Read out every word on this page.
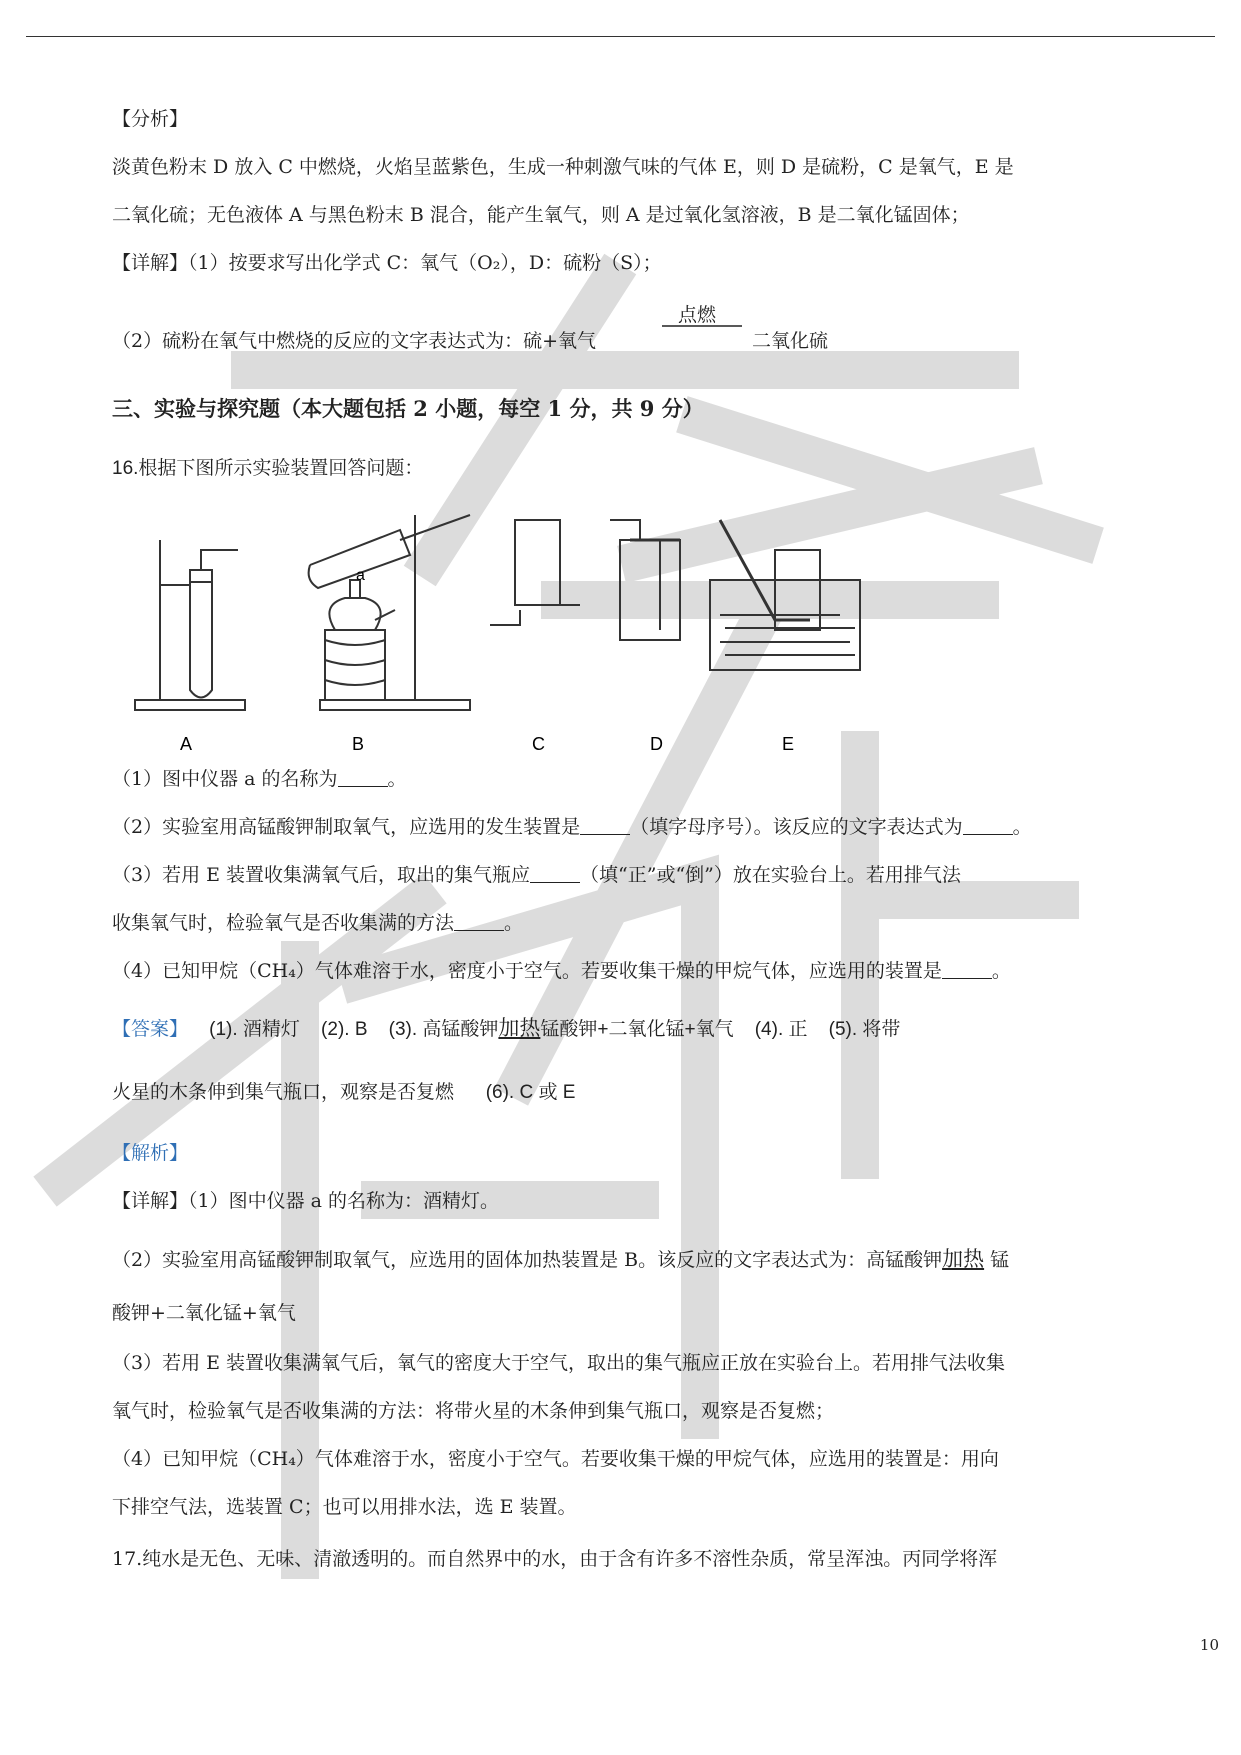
【分析】
淡黄色粉末 D 放入 C 中燃烧，火焰呈蓝紫色，生成一种刺激气味的气体 E，则 D 是硫粉，C 是氧气，E 是
二氧化硫；无色液体 A 与黑色粉末 B 混合，能产生氧气，则 A 是过氧化氢溶液，B 是二氧化锰固体；
【详解】（1）按要求写出化学式 C：氧气（O₂），D：硫粉（S）；
（2）硫粉在氧气中燃烧的反应的文字表达式为：硫+氧气
点燃
二氧化硫
三、实验与探究题（本大题包括 2 小题，每空 1 分，共 9 分）
16.根据下图所示实验装置回答问题：
a
A	B	C	D	E
（1）图中仪器 a 的名称为	。
（2）实验室用高锰酸钾制取氧气，应选用的发生装置是	（填字母序号）。该反应的文字表达式为	。
（3）若用 E 装置收集满氧气后，取出的集气瓶应	（填“正”或“倒”）放在实验台上。若用排气法
收集氧气时，检验氧气是否收集满的方法	。
（4）已知甲烷（CH₄）气体难溶于水，密度小于空气。若要收集干燥的甲烷气体，应选用的装置是	。
【答案】 (1). 酒精灯 (2). B (3). 高锰酸钾加热锰酸钾+二氧化锰+氧气 (4). 正 (5). 将带
火星的木条伸到集气瓶口，观察是否复燃 (6). C 或 E
【解析】
【详解】（1）图中仪器 a 的名称为：酒精灯。
（2）实验室用高锰酸钾制取氧气，应选用的固体加热装置是 B。该反应的文字表达式为：高锰酸钾加热 锰
酸钾+二氧化锰+氧气
（3）若用 E 装置收集满氧气后，氧气的密度大于空气，取出的集气瓶应正放在实验台上。若用排气法收集
氧气时，检验氧气是否收集满的方法：将带火星的木条伸到集气瓶口，观察是否复燃；
（4）已知甲烷（CH₄）气体难溶于水，密度小于空气。若要收集干燥的甲烷气体，应选用的装置是：用向
下排空气法，选装置 C；也可以用排水法，选 E 装置。
17.纯水是无色、无味、清澈透明的。而自然界中的水，由于含有许多不溶性杂质，常呈浑浊。丙同学将浑
10
